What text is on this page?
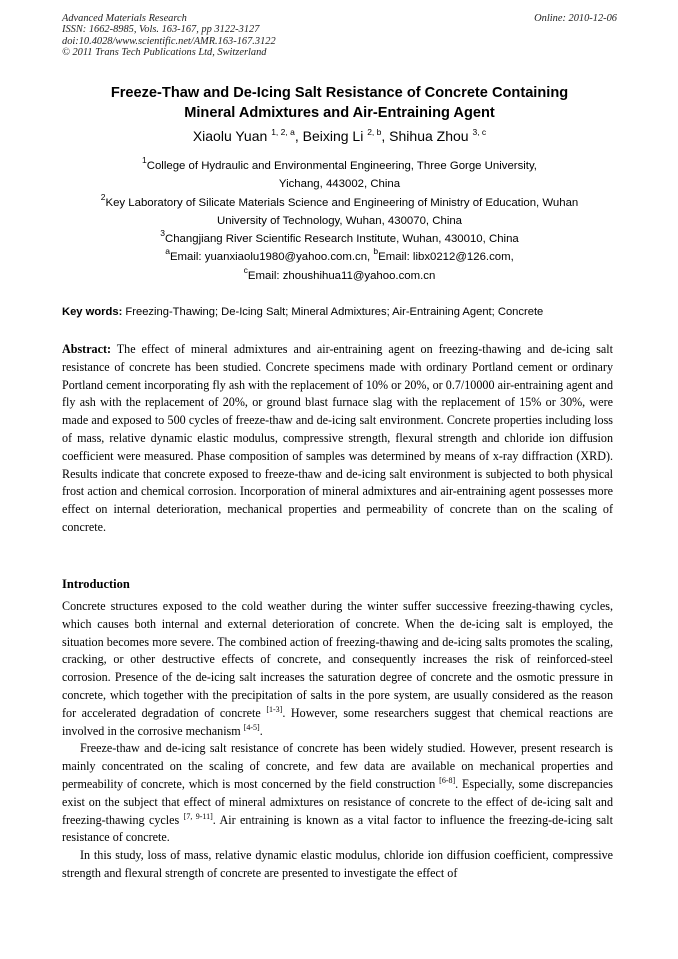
Advanced Materials Research
ISSN: 1662-8985, Vols. 163-167, pp 3122-3127
doi:10.4028/www.scientific.net/AMR.163-167.3122
© 2011 Trans Tech Publications Ltd, Switzerland
Online: 2010-12-06
Freeze-Thaw and De-Icing Salt Resistance of Concrete Containing
Mineral Admixtures and Air-Entraining Agent
Xiaolu Yuan $^{1, 2, a}$, Beixing Li $^{2, b}$, Shihua Zhou $^{3, c}$
$^1$College of Hydraulic and Environmental Engineering, Three Gorge University,
Yichang, 443002, China
$^2$Key Laboratory of Silicate Materials Science and Engineering of Ministry of Education, Wuhan
University of Technology, Wuhan, 430070, China
$^3$Changjiang River Scientific Research Institute, Wuhan, 430010, China
$^a$Email: yuanxiaolu1980@yahoo.com.cn, $^b$Email: libx0212@126.com,
$^c$Email: zhoushihua11@yahoo.com.cn
Key words: Freezing-Thawing; De-Icing Salt; Mineral Admixtures; Air-Entraining Agent; Concrete
Abstract: The effect of mineral admixtures and air-entraining agent on freezing-thawing and de-icing salt resistance of concrete has been studied. Concrete specimens made with ordinary Portland cement or ordinary Portland cement incorporating fly ash with the replacement of 10% or 20%, or 0.7/10000 air-entraining agent and fly ash with the replacement of 20%, or ground blast furnace slag with the replacement of 15% or 30%, were made and exposed to 500 cycles of freeze-thaw and de-icing salt environment. Concrete properties including loss of mass, relative dynamic elastic modulus, compressive strength, flexural strength and chloride ion diffusion coefficient were measured. Phase composition of samples was determined by means of x-ray diffraction (XRD). Results indicate that concrete exposed to freeze-thaw and de-icing salt environment is subjected to both physical frost action and chemical corrosion. Incorporation of mineral admixtures and air-entraining agent possesses more effect on internal deterioration, mechanical properties and permeability of concrete than on the scaling of concrete.
Introduction

Concrete structures exposed to the cold weather during the winter suffer successive freezing-thawing cycles, which causes both internal and external deterioration of concrete. When the de-icing salt is employed, the situation becomes more severe. The combined action of freezing-thawing and de-icing salts promotes the scaling, cracking, or other destructive effects of concrete, and consequently increases the risk of reinforced-steel corrosion. Presence of the de-icing salt increases the saturation degree of concrete and the osmotic pressure in concrete, which together with the precipitation of salts in the pore system, are usually considered as the reason for accelerated degradation of concrete [1-3]. However, some researchers suggest that chemical reactions are involved in the corrosive mechanism [4-5].

Freeze-thaw and de-icing salt resistance of concrete has been widely studied. However, present research is mainly concentrated on the scaling of concrete, and few data are available on mechanical properties and permeability of concrete, which is most concerned by the field construction [6-8]. Especially, some discrepancies exist on the subject that effect of mineral admixtures on resistance of concrete to the effect of de-icing salt and freezing-thawing cycles [7, 9-11]. Air entraining is known as a vital factor to influence the freezing-de-icing salt resistance of concrete.

In this study, loss of mass, relative dynamic elastic modulus, chloride ion diffusion coefficient, compressive strength and flexural strength of concrete are presented to investigate the effect of
